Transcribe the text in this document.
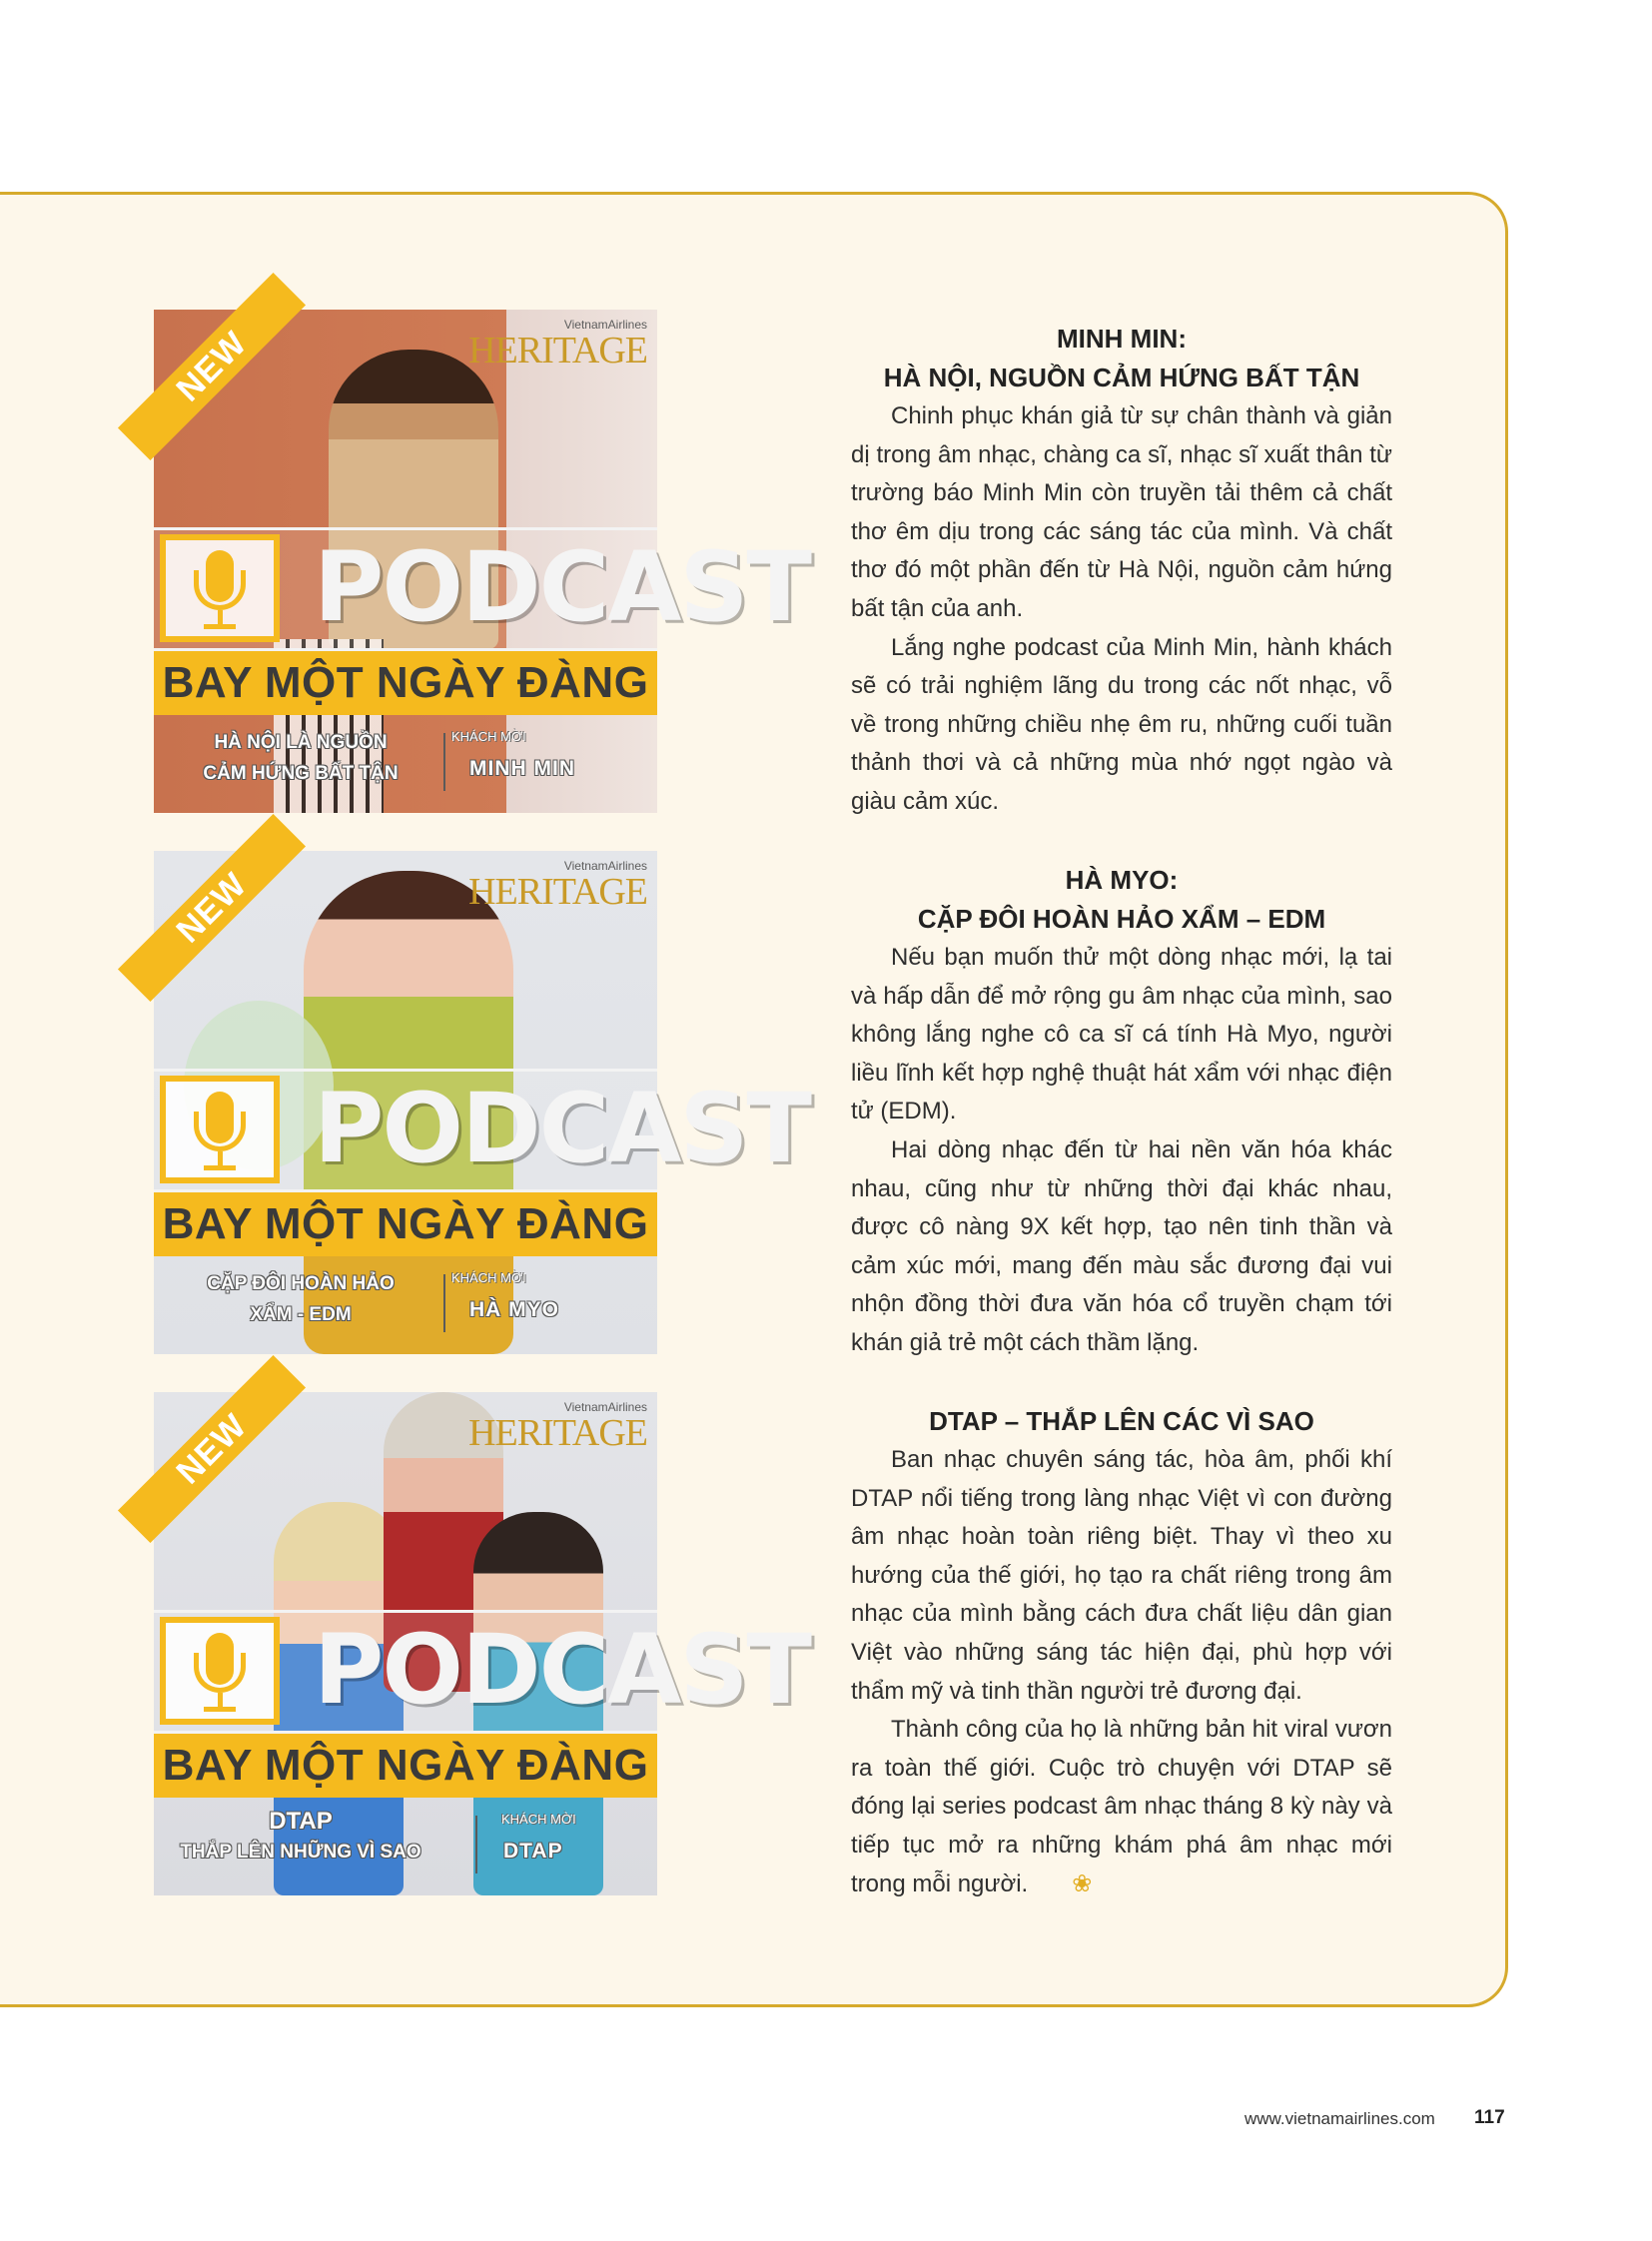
NEW	VietnamAirlines
HERITAGE
PODCAST
BAY MỘT NGÀY ĐÀNG
HÀ NỘI LÀ NGUỒN
CẢM HỨNG BẤT TẬN
KHÁCH MỜI
MINH MIN
NEW	VietnamAirlines
HERITAGE
PODCAST
BAY MỘT NGÀY ĐÀNG
CẶP ĐÔI HOÀN HẢO
XẨM - EDM
KHÁCH MỜI
HÀ MYO
NEW	VietnamAirlines
HERITAGE
PODCAST
BAY MỘT NGÀY ĐÀNG
DTAP
THẮP LÊN NHỮNG VÌ SAO
KHÁCH MỜI
DTAP
MINH MIN:
HÀ NỘI, NGUỒN CẢM HỨNG BẤT TẬN

Chinh phục khán giả từ sự chân thành và giản dị trong âm nhạc, chàng ca sĩ, nhạc sĩ xuất thân từ trường báo Minh Min còn truyền tải thêm cả chất thơ êm dịu trong các sáng tác của mình. Và chất thơ đó một phần đến từ Hà Nội, nguồn cảm hứng bất tận của anh.

Lắng nghe podcast của Minh Min, hành khách sẽ có trải nghiệm lãng du trong các nốt nhạc, vỗ về trong những chiều nhẹ êm ru, những cuối tuần thảnh thơi và cả những mùa nhớ ngọt ngào và giàu cảm xúc.

HÀ MYO:
CẶP ĐÔI HOÀN HẢO XẨM – EDM

Nếu bạn muốn thử một dòng nhạc mới, lạ tai và hấp dẫn để mở rộng gu âm nhạc của mình, sao không lắng nghe cô ca sĩ cá tính Hà Myo, người liều lĩnh kết hợp nghệ thuật hát xẩm với nhạc điện tử (EDM).

Hai dòng nhạc đến từ hai nền văn hóa khác nhau, cũng như từ những thời đại khác nhau, được cô nàng 9X kết hợp, tạo nên tinh thần và cảm xúc mới, mang đến màu sắc đương đại vui nhộn đồng thời đưa văn hóa cổ truyền chạm tới khán giả trẻ một cách thầm lặng.

DTAP – THẮP LÊN CÁC VÌ SAO

Ban nhạc chuyên sáng tác, hòa âm, phối khí DTAP nổi tiếng trong làng nhạc Việt vì con đường âm nhạc hoàn toàn riêng biệt. Thay vì theo xu hướng của thế giới, họ tạo ra chất riêng trong âm nhạc của mình bằng cách đưa chất liệu dân gian Việt vào những sáng tác hiện đại, phù hợp với thẩm mỹ và tinh thần người trẻ đương đại.

Thành công của họ là những bản hit viral vươn ra toàn thế giới. Cuộc trò chuyện với DTAP sẽ đóng lại series podcast âm nhạc tháng 8 kỳ này và tiếp tục mở ra những khám phá âm nhạc mới trong mỗi người. ❀

www.vietnamairlines.com 117
